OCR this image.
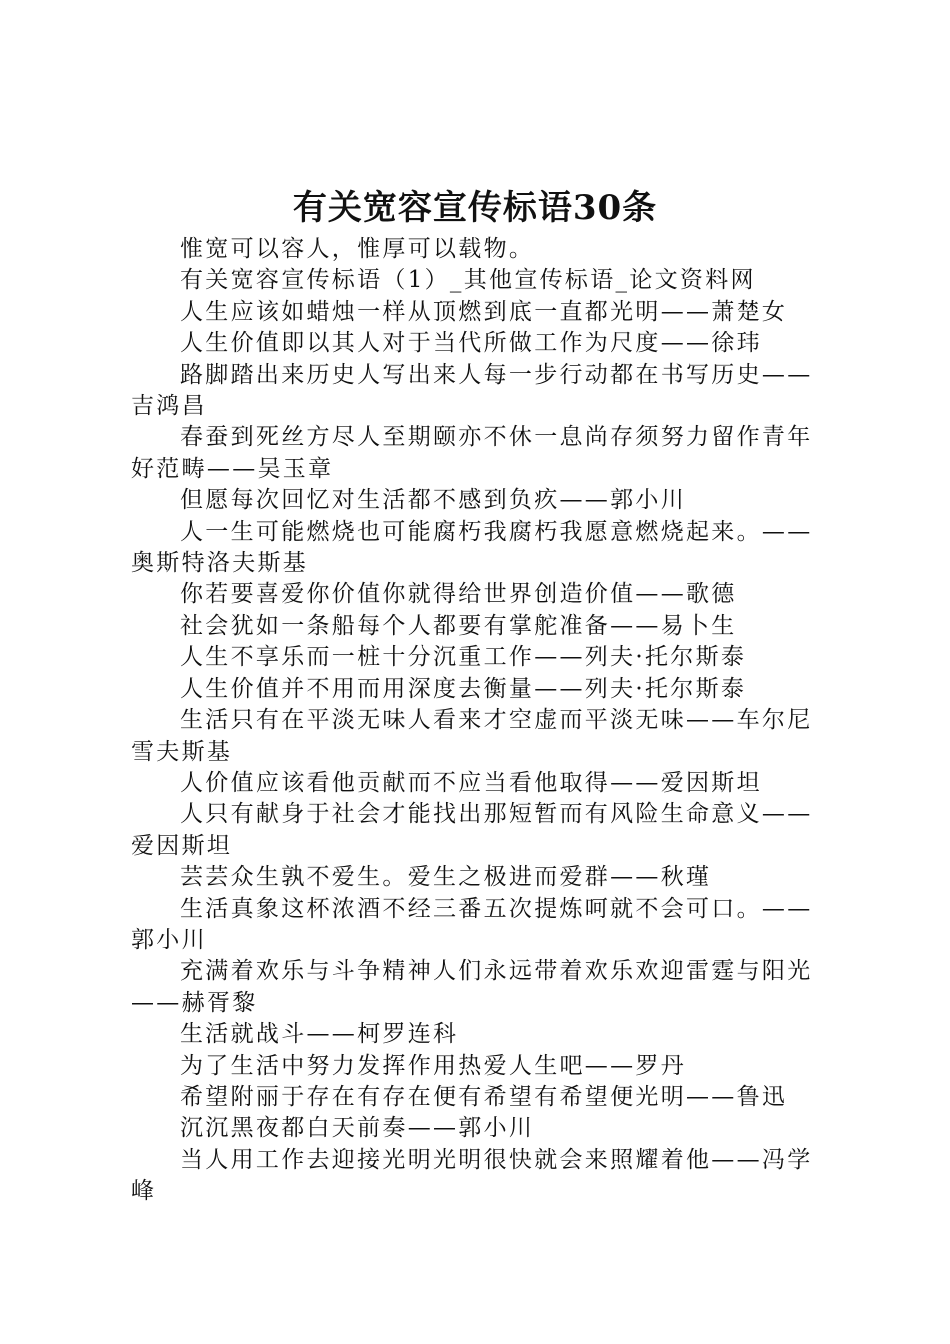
有关宽容宣传标语30条

惟宽可以容人，惟厚可以载物。

有关宽容宣传标语（1）_其他宣传标语_论文资料网

人生应该如蜡烛一样从顶燃到底一直都光明——萧楚女

人生价值即以其人对于当代所做工作为尺度——徐玮

路脚踏出来历史人写出来人每一步行动都在书写历史——吉鸿昌

春蚕到死丝方尽人至期颐亦不休一息尚存须努力留作青年好范畴——吴玉章

但愿每次回忆对生活都不感到负疚——郭小川

人一生可能燃烧也可能腐朽我腐朽我愿意燃烧起来。——奥斯特洛夫斯基

你若要喜爱你价值你就得给世界创造价值——歌德

社会犹如一条船每个人都要有掌舵准备——易卜生

人生不享乐而一桩十分沉重工作——列夫·托尔斯泰

人生价值并不用而用深度去衡量——列夫·托尔斯泰

生活只有在平淡无味人看来才空虚而平淡无味——车尔尼雪夫斯基

人价值应该看他贡献而不应当看他取得——爱因斯坦

人只有献身于社会才能找出那短暂而有风险生命意义——爱因斯坦

芸芸众生孰不爱生。爱生之极进而爱群——秋瑾

生活真象这杯浓酒不经三番五次提炼呵就不会可口。——郭小川

充满着欢乐与斗争精神人们永远带着欢乐欢迎雷霆与阳光——赫胥黎

生活就战斗——柯罗连科

为了生活中努力发挥作用热爱人生吧——罗丹

希望附丽于存在有存在便有希望有希望便光明——鲁迅

沉沉黑夜都白天前奏——郭小川

当人用工作去迎接光明光明很快就会来照耀着他——冯学峰
